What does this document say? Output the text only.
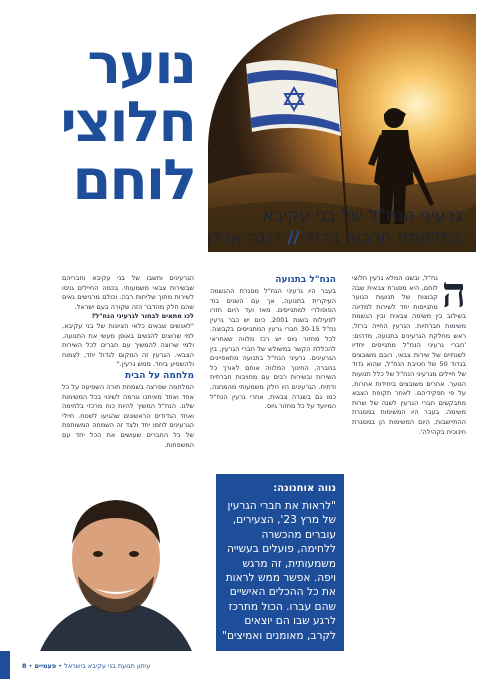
נוער
חלוצי
לוחם
גרעיני הנח"ל של בני עקיבא
במלחמת חרבות ברזל // רננה ארלן
ה

נח"ל, ובשנו המלא גרעין חלוצי לוחם, היא מסגרת צבאית שבה קבוצות של תנועות הנוער מתגייסות יחד לשירות למדינה בשילוב בין משימה צבאית ובין הגשמת משימות חברתיות. הגרעין החייה ברזל, ראש מחלקת הגרעינים בתנועה, מדהים: 'חברי גרעיני הנח"ל מתגייסים יחדיו לשנתיים של שירות צבאי, רובם משובצים בגדוד 50 של חטיבת הנח"ל, שהוא גדוד של חיילים מגרעיני הנח"ל של כלל תנועות הנוער. אחרים משובצים ביחידות אחרות, על פי תפקידיהם. לאחר תקופת הצבא מתבקשים חברי הגרעין לשנה של שרות משימה. בעבר היו המשימות במסגרת ההתיישבות, היום המשימות הן במסגרת חינוכית בקהילה'.

הנח"ל בתנועה

בעבר היו גרעיני הנח"ל מסגרת ההגשמה העיקרית בתנועה, אך עם השנים בוד הפופולרי למתגייסים. מאז ועד היום חזרו לפעילות בשנת 2001. כיום יש כבר גרעין נח"ל 30-15 חברי גרעין המתגייסים בקבוצה. לכל מחזור גיוס יש רכז מלווה שאחראי להכללת הקשר במשולש של חברי הגרעין, בין הגרעינים. גרעיני הנח"ל בתנועה מתאפיינים בחברה, החינוך המלווה אותם לאורך כל השירות ובשירות רבים עם מחויבות חברתית ודתית. הגרעינים היו חלק משמעותי מהמחנה, כמו גם בשגרה צבאית, אחרי גרעין הנח"ל המיועד על כל מחזור גיוס.

הגרעינים וחשבו של בני עקיבא וחבריהם שבשירות צבאי משמעותי. בכמה החיילים גויסו לשירות מתוך שליחות רבה. וכולם מרגישים גאים שהם חלק מהדבר הזה שקורה בעם ישראל.

לכו מתאים לבחור לגרעיני הנח"ל?

"לאנשים שבאים כלאי הציונות של בני עקיבא, למי שרוצים להגשים באופן מעשי את התנועה, ולמי שרוצה להמשיך עם חברים לכל השירות הצבאי. הגרעין זה המקום לגדול יחד, לצמוח ולהשפיע ביחד. ממש גרעין."

מלחמה על הבית

המלחמה שפרצה בשמחת תורה השפיעה על כל אחד ואחד מאיתנו וגרמה לשינוי בכל המשימות שלנו. הנח"ל המשיך להיות כוח מרכזי בלחימה ואחד הגדודים הראשונים שהגיעו לשטח. חיילי הגרעינים לחמו יחד ולצד זה השמחה המשותפת של כל החברים שעושים את הכל יחד עם המשפחות.

נווה אוחנונה:
"לראות את חברי הגרעין של מרץ 23', הצעירים, עוברים מהכשרה ללחימה, פועלים בעשייה משמעותית, זה מרגש ויפה. אפשר ממש לראות את כל ההכלים האישיים שהם עברו. הכול מתרכז לרגע שבו הם יוצאים לקרב, מאומנים ואמיצים"
עיתון תנועת בני עקיבא בישראל • פעמיים • 8
